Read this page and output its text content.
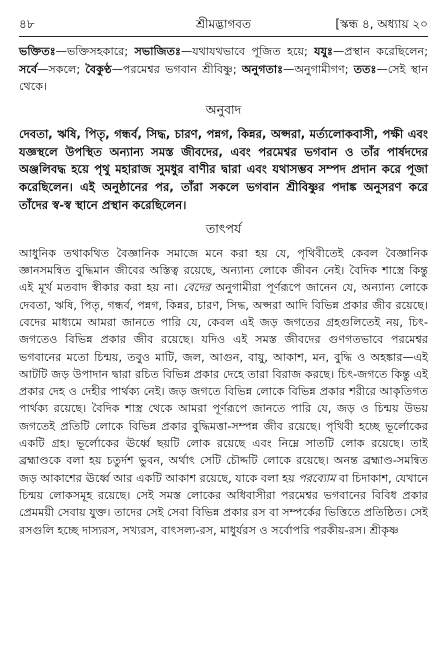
৪৮	শ্রীমদ্ভাগবত	[স্কন্ধ ৪, অধ্যায় ২০

ভক্তিতঃ—ভক্তিসহকারে; সভাজিতঃ—যথাযথভাবে পূজিত হয়ে; যযুঃ—প্রস্থান করেছিলেন; সর্বে—সকলে; বৈকুণ্ঠ—পরমেশ্বর ভগবান শ্রীবিষ্ণু; অনুগতাঃ—অনুগামীগণ; ততঃ—সেই স্থান থেকে।

অনুবাদ

দেবতা, ঋষি, পিতৃ, গন্ধর্ব, সিদ্ধ, চারণ, পন্নগ, কিন্নর, অপ্সরা, মর্ত্যলোকবাসী, পক্ষী এবং যজ্ঞস্থলে উপস্থিত অন্যান্য সমস্ত জীবদের, এবং পরমেশ্বর ভগবান ও তাঁর পার্ষদদের অঞ্জলিবদ্ধ হয়ে পৃথু মহারাজ সুমধুর বাণীর দ্বারা এবং যথাসম্ভব সম্পদ প্রদান করে পূজা করেছিলেন। এই অনুষ্ঠানের পর, তাঁরা সকলে ভগবান শ্রীবিষ্ণুর পদাঙ্ক অনুসরণ করে তাঁদের স্ব-স্ব স্থানে প্রস্থান করেছিলেন।

তাৎপর্য

আধুনিক তথাকথিত বৈজ্ঞানিক সমাজে মনে করা হয় যে, পৃথিবীতেই কেবল বৈজ্ঞানিক জ্ঞানসমন্বিত বুদ্ধিমান জীবের অস্তিত্ব রয়েছে, অন্যান্য লোকে জীবন নেই। বৈদিক শাস্ত্রে কিন্তু এই মূর্খ মতবাদ স্বীকার করা হয় না। বেদের অনুগামীরা পূর্ণরূপে জানেন যে, অন্যান্য লোকে দেবতা, ঋষি, পিতৃ, গন্ধর্ব, পন্নগ, কিন্নর, চারণ, সিদ্ধ, অপ্সরা আদি বিভিন্ন প্রকার জীব রয়েছে। বেদের মাধ্যমে আমরা জানতে পারি যে, কেবল এই জড় জগতের গ্রহগুলিতেই নয়, চিৎ-জগতেও বিভিন্ন প্রকার জীব রয়েছে। যদিও এই সমস্ত জীবদের গুণগতভাবে পরমেশ্বর ভগবানের মতো চিন্ময়, তবুও মাটি, জল, আগুন, বায়ু, আকাশ, মন, বুদ্ধি ও অহঙ্কার—এই আটটি জড় উপাদান দ্বারা রচিত বিভিন্ন প্রকার দেহে তারা বিরাজ করছে। চিৎ-জগতে কিন্তু এই প্রকার দেহ ও দেহীর পার্থক্য নেই। জড় জগতে বিভিন্ন লোকে বিভিন্ন প্রকার শরীরে আকৃতিগত পার্থক্য রয়েছে। বৈদিক শাস্ত্র থেকে আমরা পূর্ণরূপে জানতে পারি যে, জড় ও চিন্ময় উভয় জগতেই প্রতিটি লোকে বিভিন্ন প্রকার বুদ্ধিমত্তা-সম্পন্ন জীব রয়েছে। পৃথিবী হচ্ছে ভূর্লোকের একটি গ্রহ। ভূর্লোকের ঊর্ধ্বে ছয়টি লোক রয়েছে এবং নিম্নে সাতটি লোক রয়েছে। তাই ব্রহ্মাণ্ডকে বলা হয় চতুর্দশ ভুবন, অর্থাৎ সেটি চৌদ্দটি লোকে রয়েছে। অনন্ত ব্রহ্মাণ্ড-সমন্বিত জড় আকাশের ঊর্ধ্বে আর একটি আকাশ রয়েছে, যাকে বলা হয় পরব্যোম বা চিদাকাশ, যেখানে চিন্ময় লোকসমূহ রয়েছে। সেই সমস্ত লোকের অধিবাসীরা পরমেশ্বর ভগবানের বিবিধ প্রকার প্রেমময়ী সেবায় যুক্ত। তাদের সেই সেবা বিভিন্ন প্রকার রস বা সম্পর্কের ভিত্তিতে প্রতিষ্ঠিত। সেই রসগুলি হচ্ছে দাস্যরস, সখ্যরস, বাৎসল্য-রস, মাধুর্যরস ও সর্বোপরি পরকীয়-রস। শ্রীকৃষ্ণ
